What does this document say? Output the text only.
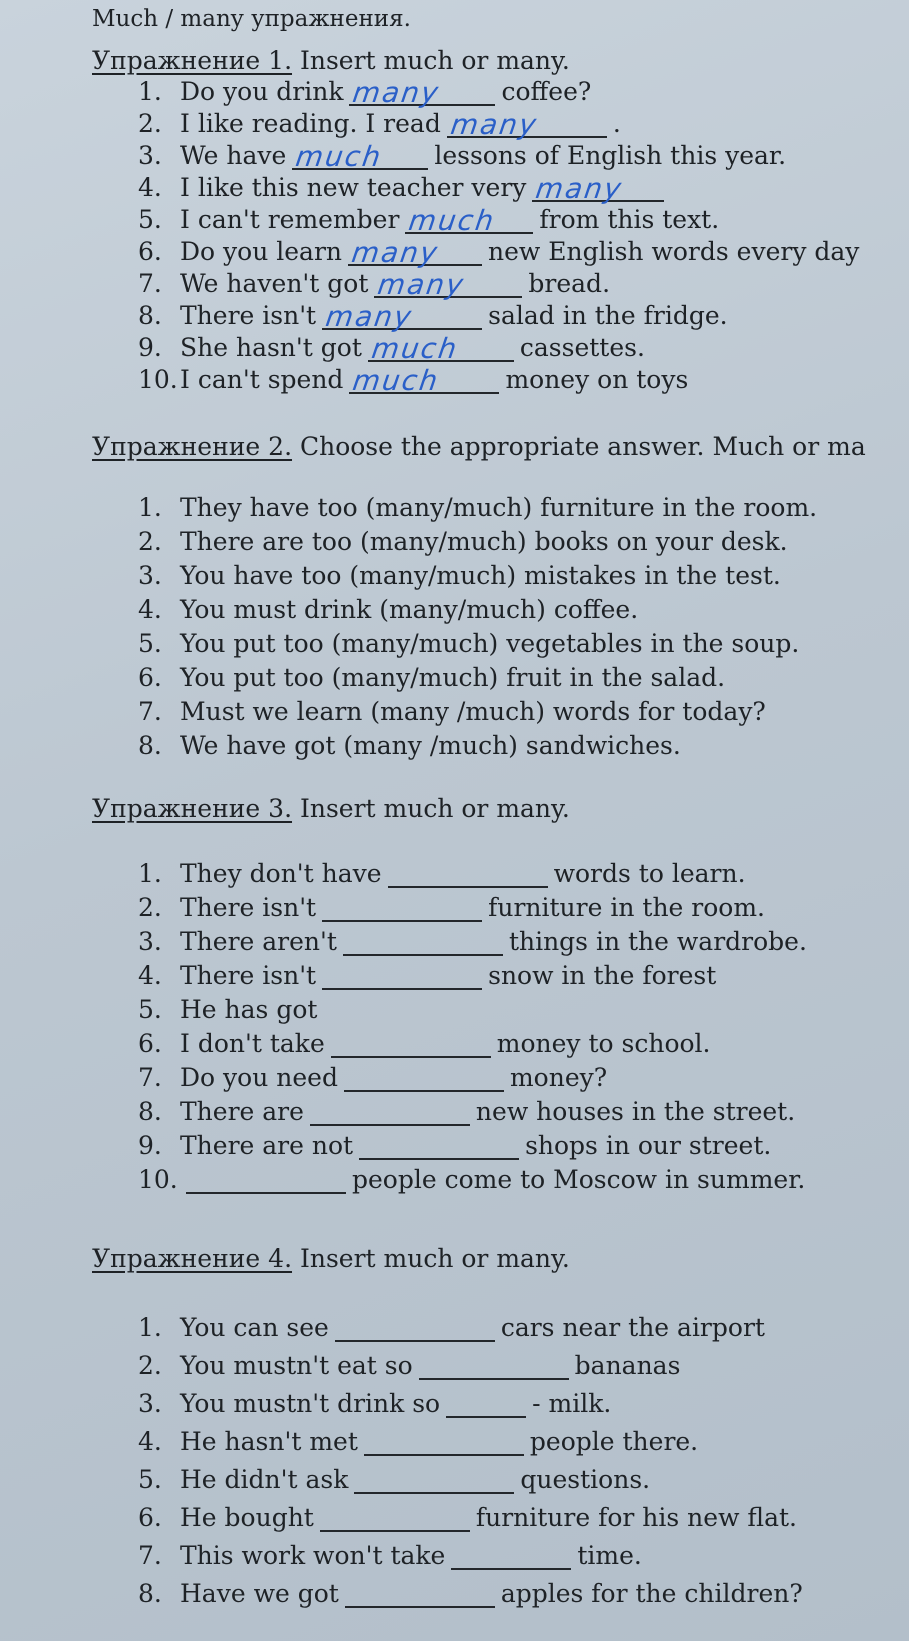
Much / many упражнения.
Упражнение 1. Insert much or many.
1. Do you drink many coffee?
2. I like reading. I read many	.
3. We have much lessons of English this year.
4. I like this new teacher very many
5. I can't remember much from this text.
6. Do you learn many new English words every day
7. We haven't got many bread.
8. There isn't many	salad in the fridge.
9. She hasn't got much cassettes.
10. I can't spend much	money on toys
Упражнение 2. Choose the appropriate answer. Much or ma
1. They have too (many/much) furniture in the room.
2. There are too (many/much) books on your desk.
3. You have too (many/much) mistakes in the test.
4. You must drink (many/much) coffee.
5. You put too (many/much) vegetables in the soup.
6. You put too (many/much) fruit in the salad.
7. Must we learn (many /much) words for today?
8. We have got (many /much) sandwiches.
Упражнение 3. Insert much or many.
1. They don't have	words to learn.
2. There isn't	furniture in the room.
3. There aren't	things in the wardrobe.
4. There isn't	snow in the forest
5. He has got
6. I don't take	money to school.
7. Do you need	money?
8. There are	new houses in the street.
9. There are not	shops in our street.
10.	people come to Moscow in summer.
Упражнение 4. Insert much or many.
1. You can see	cars near the airport
2. You mustn't eat so	bananas
3. You mustn't drink so	- milk.
4. He hasn't met	people there.
5. He didn't ask	questions.
6. He bought	furniture for his new flat.
7. This work won't take	time.
8. Have we got	apples for the children?
